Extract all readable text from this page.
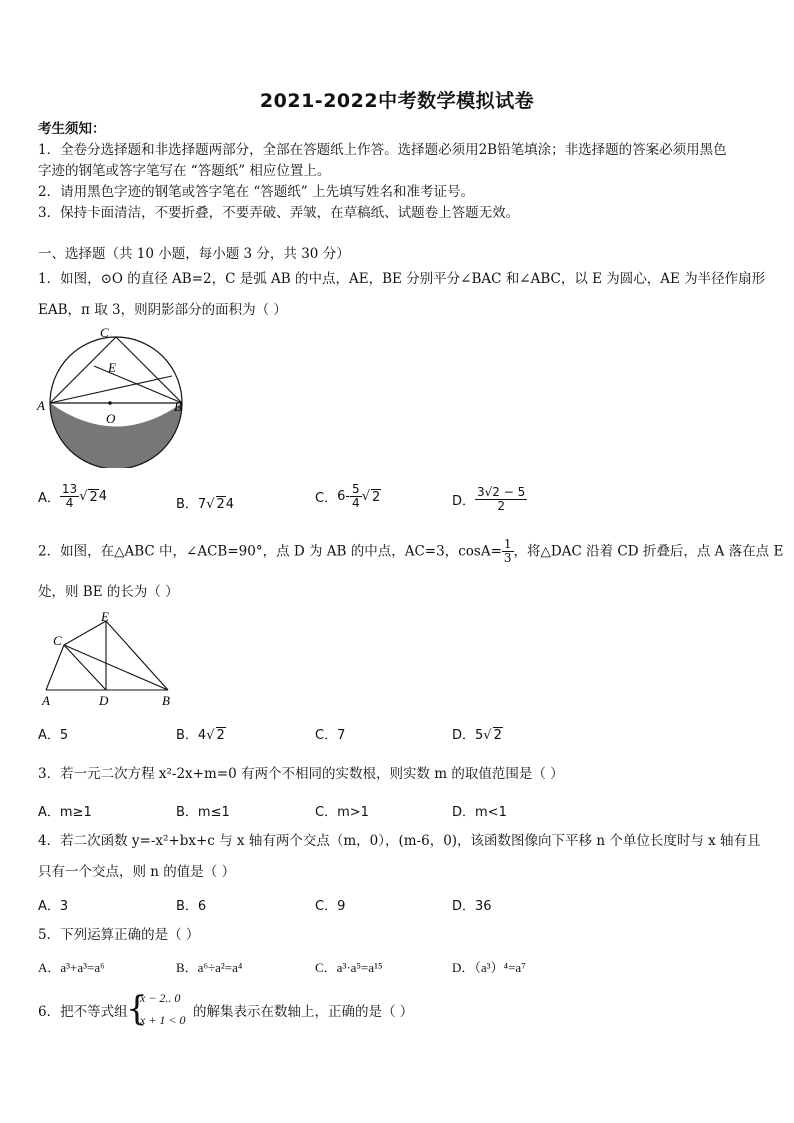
2021-2022中考数学模拟试卷
考生须知：
1．全卷分选择题和非选择题两部分，全部在答题纸上作答。选择题必须用2B铅笔填涂；非选择题的答案必须用黑色
字迹的钢笔或答字笔写在 “答题纸” 相应位置上。
2．请用黑色字迹的钢笔或答字笔在 “答题纸” 上先填写姓名和准考证号。
3．保持卡面清洁，不要折叠，不要弄破、弄皱，在草稿纸、试题卷上答题无效。
一、选择题（共 10 小题，每小题 3 分，共 30 分）
1．如图，⊙O 的直径 AB=2，C 是弧 AB 的中点，AE，BE 分别平分∠BAC 和∠ABC，以 E 为圆心，AE 为半径作扇形
EAB，π 取 3，则阴影部分的面积为（ ）
C
E
A	B
O
A． $\frac{13}{4}$ √ 24
B．7√ 24	C．$6- \frac{5}{4}$ √ 2	D． $\frac{3√2 - 5}{2}$
2．如图，在△ABC 中，∠ACB=90°，点 D 为 AB 的中点，AC=3，$\cos A= \frac{1}{3}$ ，将△DAC 沿着 CD 折叠后，点 A 落在点 E
处，则 BE 的长为（ ）
E
C
A	D	B
A．5	B．4√ 2	C．7	D．5√ 2
3．若一元二次方程 x²-2x+m=0 有两个不相同的实数根，则实数 m 的取值范围是（ ）
A．m≥1	B．m≤1	C．m>1	D．m<1
4．若二次函数 y=-x²+bx+c 与 x 轴有两个交点（m，0），(m-6，0)，该函数图像向下平移 n 个单位长度时与 x 轴有且
只有一个交点，则 n 的值是（ ）
A．3	B．6	C．9	D．36
5．下列运算正确的是（ ）
A．a³+a³=a⁶	B．a⁶÷a²=a⁴	C．a³·a⁵=a¹⁵	D．（a³）⁴=a⁷
6．把不等式组
{
x − 2.. 0
x + 1 < 0 的解集表示在数轴上，正确的是（ ）
